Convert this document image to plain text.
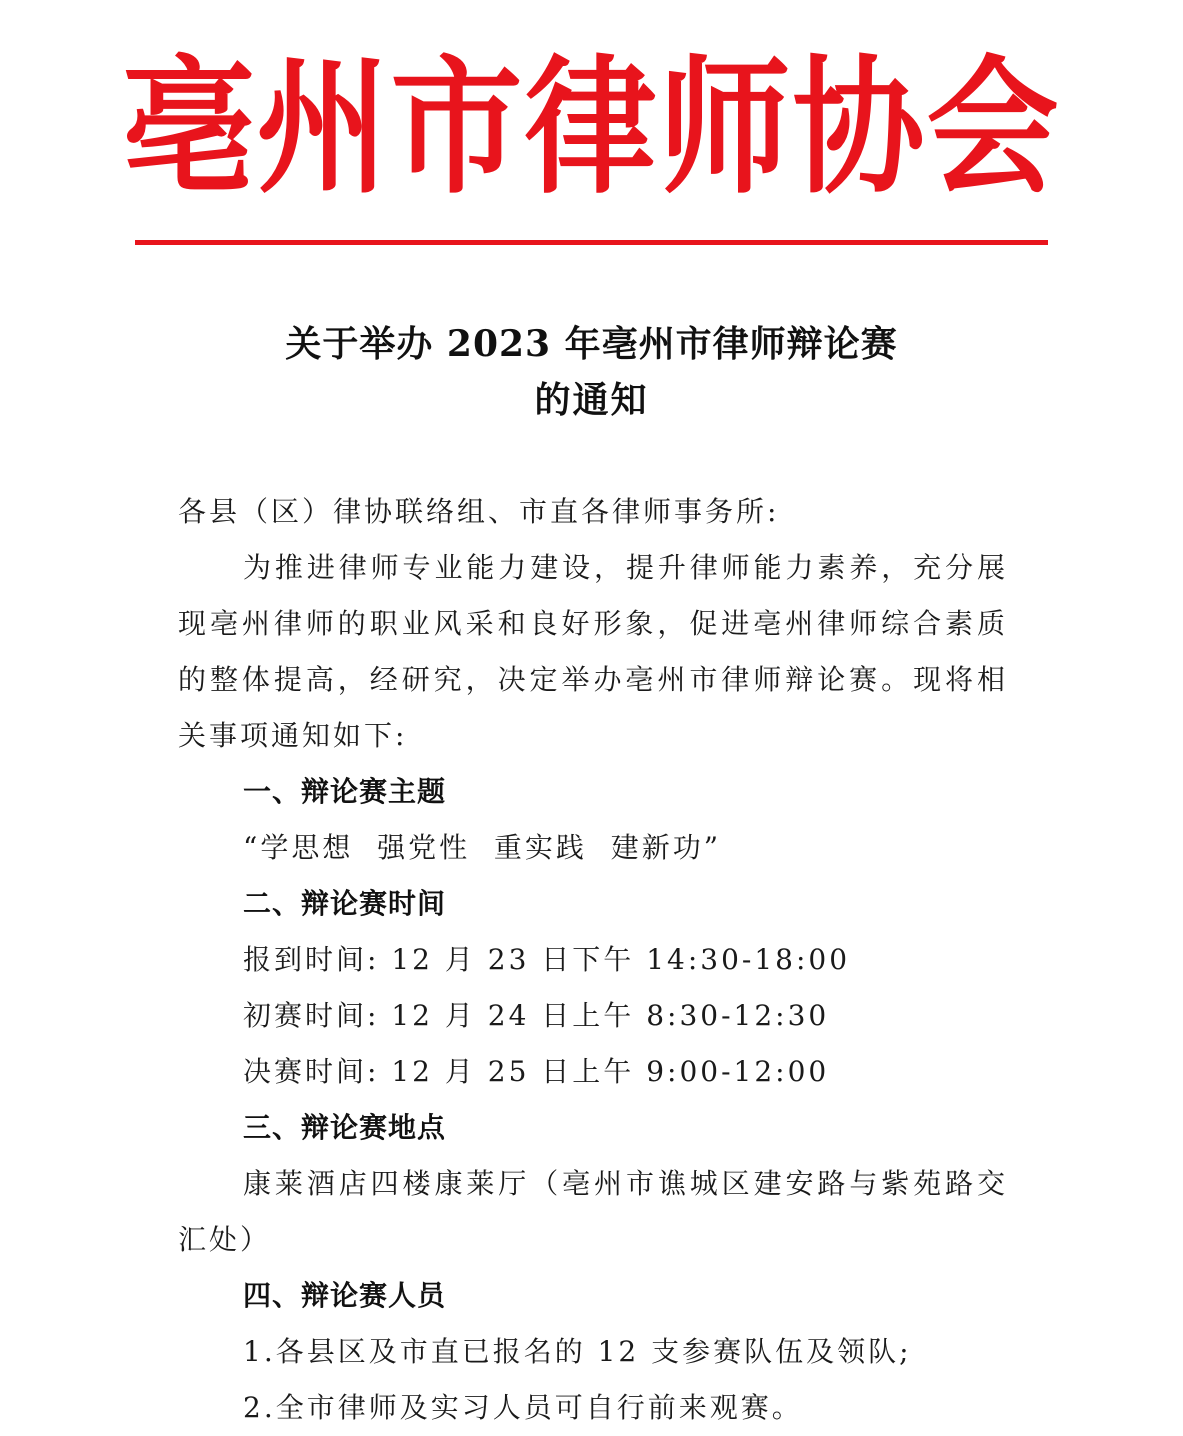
亳州市律师协会
关于举办 2023 年亳州市律师辩论赛
的通知
各县（区）律协联络组、市直各律师事务所:
为推进律师专业能力建设，提升律师能力素养，充分展
现亳州律师的职业风采和良好形象，促进亳州律师综合素质
的整体提高，经研究，决定举办亳州市律师辩论赛。现将相
关事项通知如下:
一、辩论赛主题
“学思想  强党性  重实践  建新功”
二、辩论赛时间
报到时间: 12 月 23 日下午 14:30-18:00
初赛时间: 12 月 24 日上午 8:30-12:30
决赛时间: 12 月 25 日上午 9:00-12:00
三、辩论赛地点
康莱酒店四楼康莱厅（亳州市谯城区建安路与紫苑路交
汇处）
四、辩论赛人员
1.各县区及市直已报名的 12 支参赛队伍及领队;
2.全市律师及实习人员可自行前来观赛。
